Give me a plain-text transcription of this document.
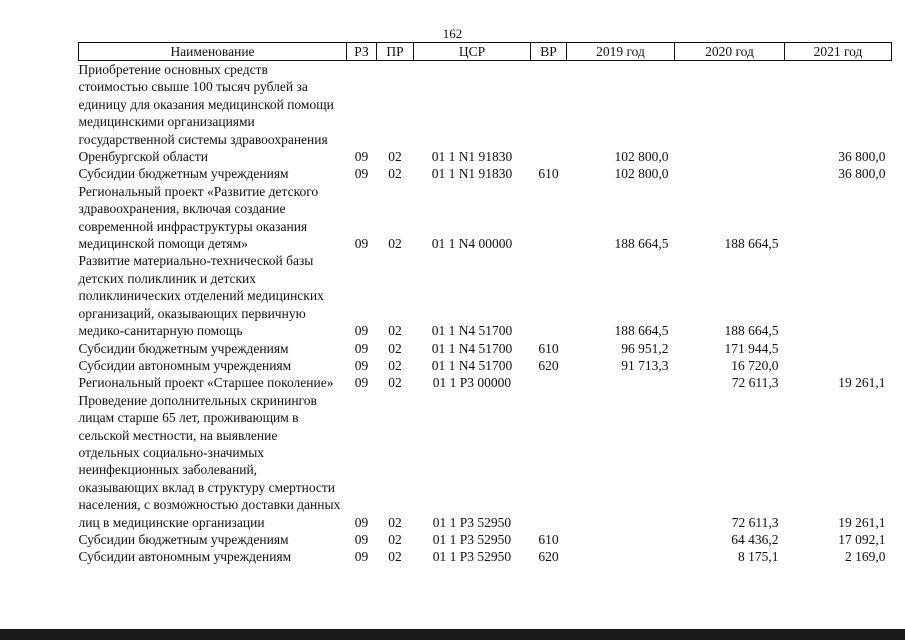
162
Наименование	РЗ	ПР	ЦСР	ВР	2019 год	2020 год	2021 год
Приобретение основных средств стоимостью свыше 100 тысяч рублей за единицу для оказания медицинской помощи медицинскими организациями государственной системы здравоохранения Оренбургской области	09	02	01 1 N1 91830		102 800,0		36 800,0
Субсидии бюджетным учреждениям	09	02	01 1 N1 91830	610	102 800,0		36 800,0
Региональный проект «Развитие детского здравоохранения, включая создание современной инфраструктуры оказания медицинской помощи детям»	09	02	01 1 N4 00000		188 664,5	188 664,5	
Развитие материально-технической базы детских поликлиник и детских поликлинических отделений медицинских организаций, оказывающих первичную медико-санитарную помощь	09	02	01 1 N4 51700		188 664,5	188 664,5	
Субсидии бюджетным учреждениям	09	02	01 1 N4 51700	610	96 951,2	171 944,5	
Субсидии автономным учреждениям	09	02	01 1 N4 51700	620	91 713,3	16 720,0	
Региональный проект «Старшее поколение»	09	02	01 1 P3 00000			72 611,3	19 261,1
Проведение дополнительных скринингов лицам старше 65 лет, проживающим в сельской местности, на выявление отдельных социально-значимых неинфекционных заболеваний, оказывающих вклад в структуру смертности населения, с возможностью доставки данных лиц в медицинские организации	09	02	01 1 P3 52950			72 611,3	19 261,1
Субсидии бюджетным учреждениям	09	02	01 1 P3 52950	610		64 436,2	17 092,1
Субсидии автономным учреждениям	09	02	01 1 P3 52950	620		8 175,1	2 169,0
